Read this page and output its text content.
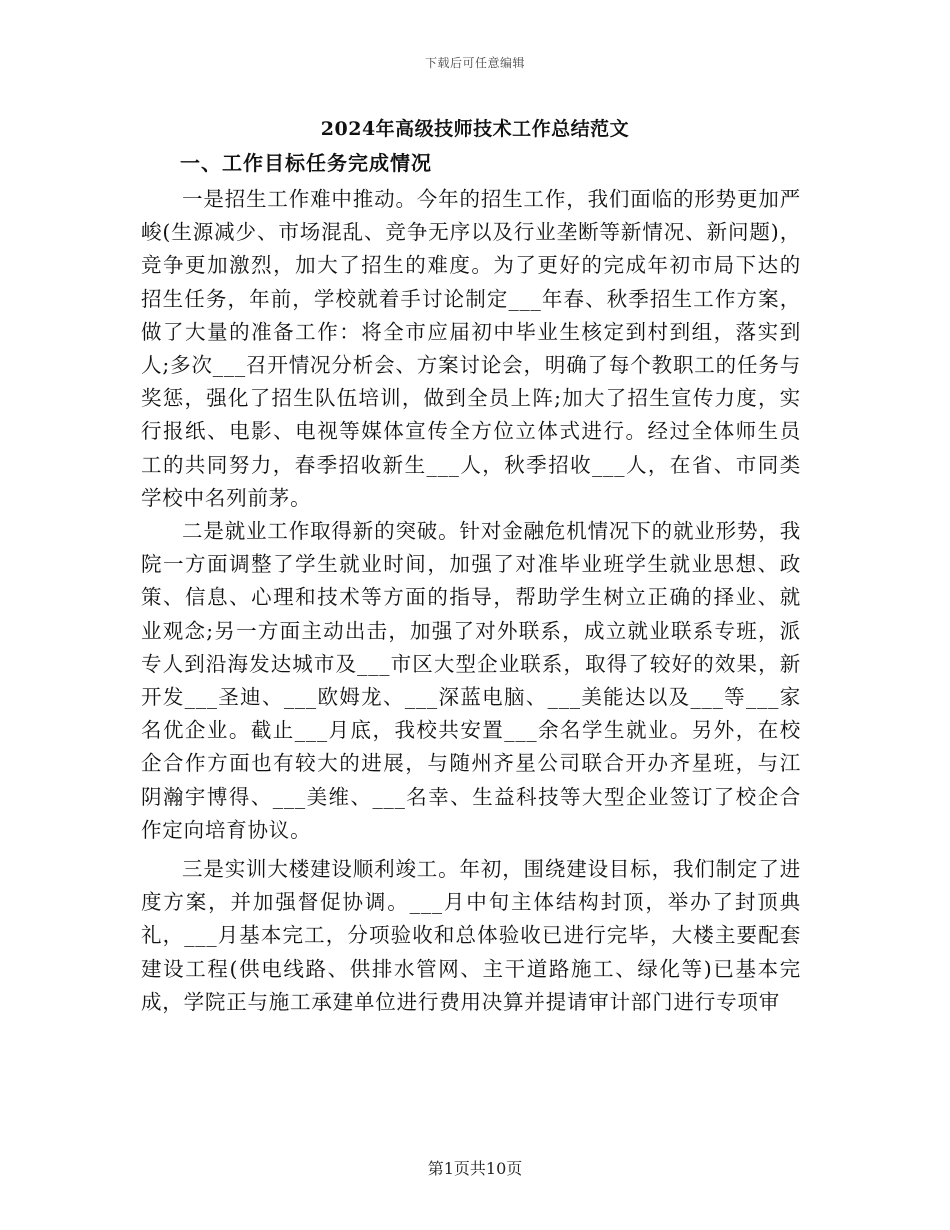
下载后可任意编辑
2024年高级技师技术工作总结范文
一、工作目标任务完成情况

一是招生工作难中推动。今年的招生工作，我们面临的形势更加严峻(生源减少、市场混乱、竞争无序以及行业垄断等新情况、新问题)，竞争更加激烈，加大了招生的难度。为了更好的完成年初市局下达的招生任务，年前，学校就着手讨论制定___年春、秋季招生工作方案，做了大量的准备工作：将全市应届初中毕业生核定到村到组，落实到人;多次___召开情况分析会、方案讨论会，明确了每个教职工的任务与奖惩，强化了招生队伍培训，做到全员上阵;加大了招生宣传力度，实行报纸、电影、电视等媒体宣传全方位立体式进行。经过全体师生员工的共同努力，春季招收新生___人，秋季招收___人，在省、市同类学校中名列前茅。

二是就业工作取得新的突破。针对金融危机情况下的就业形势，我院一方面调整了学生就业时间，加强了对准毕业班学生就业思想、政策、信息、心理和技术等方面的指导，帮助学生树立正确的择业、就业观念;另一方面主动出击，加强了对外联系，成立就业联系专班，派专人到沿海发达城市及___市区大型企业联系，取得了较好的效果，新开发___圣迪、___欧姆龙、___深蓝电脑、___美能达以及___等___家名优企业。截止___月底，我校共安置___余名学生就业。另外，在校企合作方面也有较大的进展，与随州齐星公司联合开办齐星班，与江阴瀚宇博得、___美维、___名幸、生益科技等大型企业签订了校企合作定向培育协议。

三是实训大楼建设顺利竣工。年初，围绕建设目标，我们制定了进度方案，并加强督促协调。___月中旬主体结构封顶，举办了封顶典礼，___月基本完工，分项验收和总体验收已进行完毕，大楼主要配套建设工程(供电线路、供排水管网、主干道路施工、绿化等)已基本完成，学院正与施工承建单位进行费用决算并提请审计部门进行专项审

第1页共10页
